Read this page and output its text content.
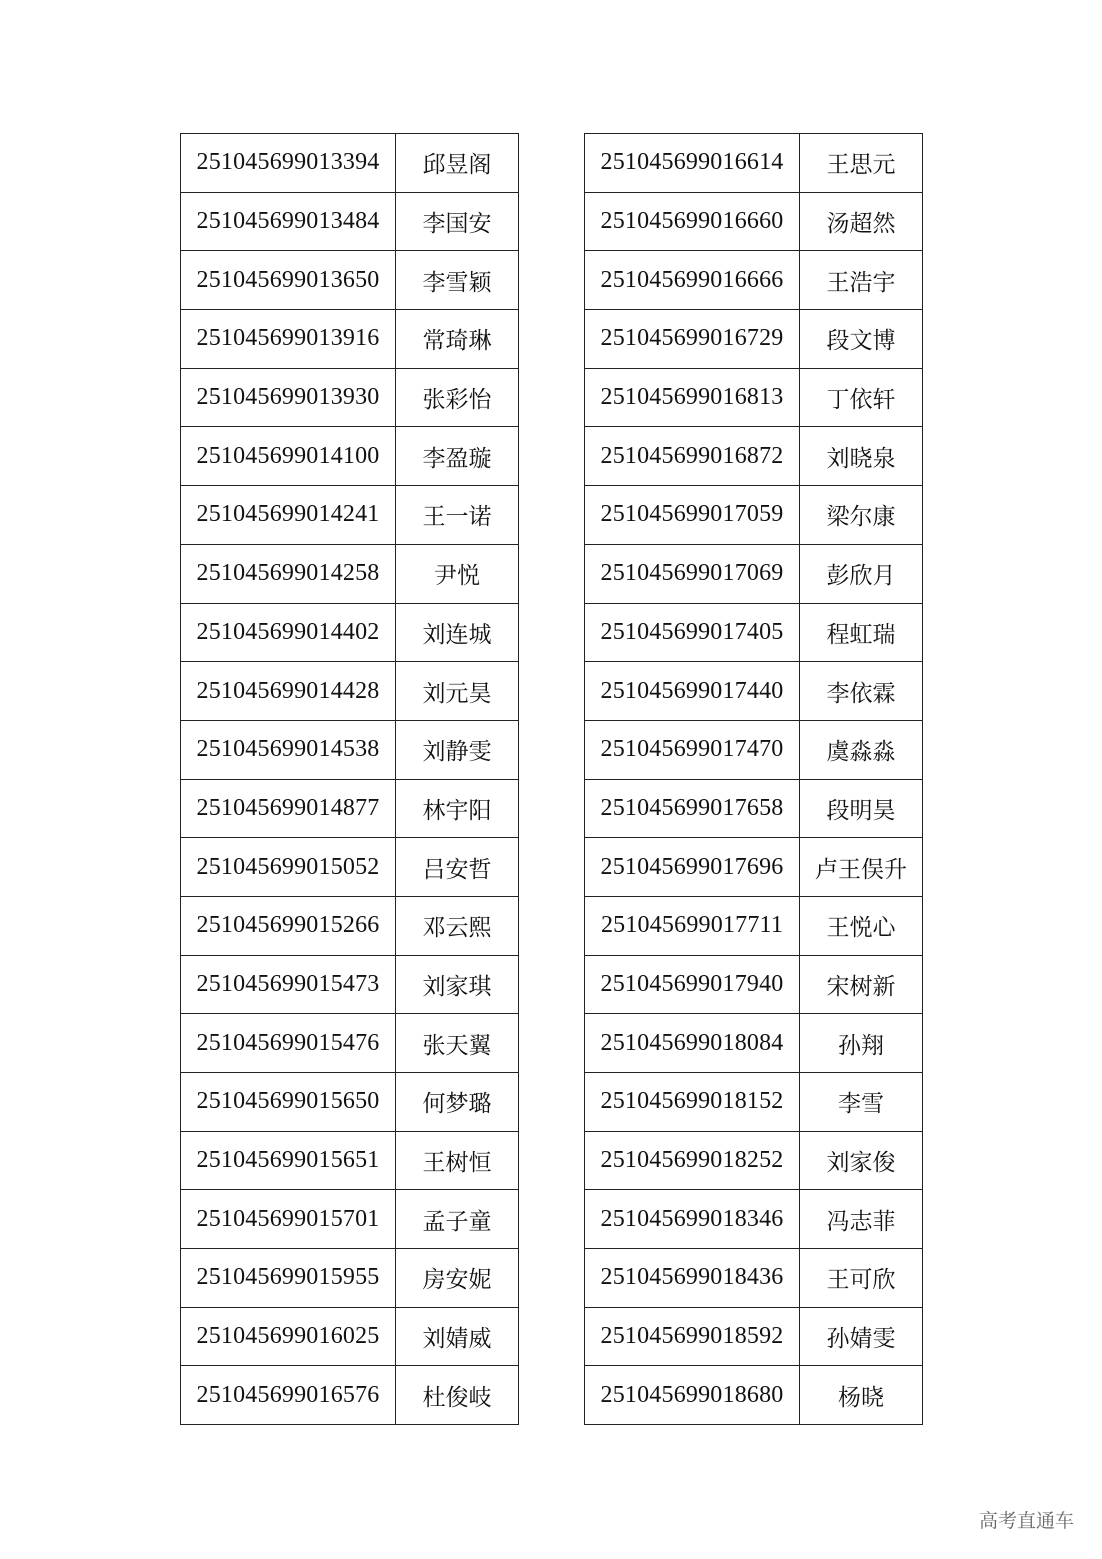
251045699013394	邱昱阁
251045699013484	李国安
251045699013650	李雪颖
251045699013916	常琦琳
251045699013930	张彩怡
251045699014100	李盈璇
251045699014241	王一诺
251045699014258	尹悦
251045699014402	刘连城
251045699014428	刘元昊
251045699014538	刘静雯
251045699014877	林宇阳
251045699015052	吕安哲
251045699015266	邓云熙
251045699015473	刘家琪
251045699015476	张天翼
251045699015650	何梦璐
251045699015651	王树恒
251045699015701	孟子童
251045699015955	房安妮
251045699016025	刘婧威
251045699016576	杜俊岐
251045699016614	王思元
251045699016660	汤超然
251045699016666	王浩宇
251045699016729	段文博
251045699016813	丁依轩
251045699016872	刘晓泉
251045699017059	梁尔康
251045699017069	彭欣月
251045699017405	程虹瑞
251045699017440	李依霖
251045699017470	虞淼淼
251045699017658	段明昊
251045699017696	卢王俣升
251045699017711	王悦心
251045699017940	宋树新
251045699018084	孙翔
251045699018152	李雪
251045699018252	刘家俊
251045699018346	冯志菲
251045699018436	王可欣
251045699018592	孙婧雯
251045699018680	杨晓
高考直通车
